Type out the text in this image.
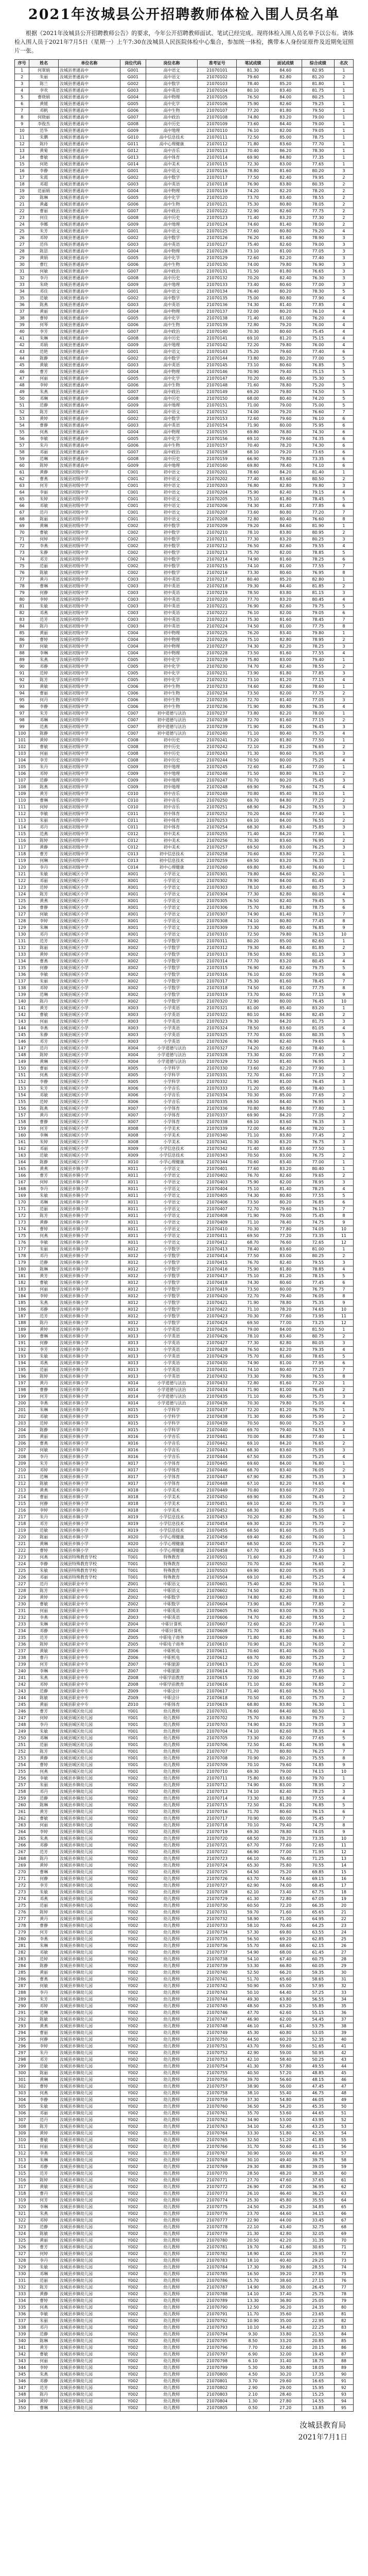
2021年汝城县公开招聘教师体检入围人员名单
根据《2021年汝城县公开招聘教师公告》的要求，今年公开招聘教师面试、笔试已经完成。现将体检入围人员名单予以公布。请体检入围人员于2021年7月5日（星期一）上午7:30在汝城县人民医院体检中心集合，参加统一体检，携带本人身份证原件及近期免冠照片一张。
序号	姓名	单位名称	岗位代码	岗位名称	准考证号	笔试成绩	面试成绩	综合成绩	名次
1	何翠娟	汝城县普通高中	G001	高中语文	21070101	81.30	84.60	82.95	1
2	朱丽	汝城县普通高中	G001	高中语文	21070102	79.60	82.80	81.20	2
3	陈兰	汝城县普通高中	G002	高中数学	21070103	78.40	85.20	81.80	1
4	李欢	汝城县普通高中	G003	高中英语	21070104	80.10	83.40	81.75	1
5	曹晓娟	汝城县普通高中	G004	高中物理	21070105	76.50	84.00	80.25	1
6	黄媛	汝城县普通高中	G005	高中化学	21070106	75.90	82.60	79.25	1
7	邓帆	汝城县普通高中	G006	高中生物	21070107	77.20	81.80	79.50	1
8	何晓丽	汝城县普通高中	G007	高中政治	21070108	74.80	83.20	79.00	1
9	李俊杰	汝城县普通高中	G008	高中历史	21070109	73.60	84.40	79.00	1
10	范华	汝城县普通高中	G009	高中地理	21070110	76.10	82.00	79.05	1
11	朱鹏	汝城县普通高中	G010	高中信息技术	21070111	72.50	85.00	78.75	1
12	陈玲	汝城县普通高中	G011	高中心理健康	21070112	71.80	83.60	77.70	1
13	黄菊	汝城县普通高中	G012	高中音乐	21070113	70.40	86.20	78.30	1
14	曹敏	汝城县普通高中	G013	高中体育	21070114	69.90	84.80	77.35	1
15	何艳	汝城县普通高中	G014	高中美术	21070115	72.30	83.00	77.65	1
16	李静	汝城县普通高中	G001	高中语文	21070116	78.80	81.60	80.20	3
17	朱霞	汝城县普通高中	G002	高中数学	21070117	77.50	82.40	79.95	2
18	邓超	汝城县普通高中	G003	高中英语	21070118	76.90	83.80	80.35	2
19	范丽娟	汝城县普通高中	G004	高中物理	21070119	74.20	82.20	78.20	2
20	陈琳	汝城县普通高中	G005	高中化学	21070120	73.70	83.40	78.55	2
21	黄鑫	汝城县普通高中	G006	高中生物	21070121	75.30	80.80	78.05	2
22	曹丽	汝城县普通高中	G007	高中政治	21070122	72.90	82.60	77.75	2
23	何佳	汝城县普通高中	G008	高中历史	21070123	71.40	83.20	77.30	2
24	李娜	汝城县普通高中	G009	高中地理	21070124	74.60	81.40	78.00	2
25	朱芳	汝城县普通高中	G001	高中语文	21070125	77.60	80.80	79.20	4
26	邓婷	汝城县普通高中	G002	高中数学	21070126	76.20	81.60	78.90	3
27	范伟	汝城县普通高中	G003	高中英语	21070127	75.40	82.60	79.00	3
28	陈思	汝城县普通高中	G004	高中物理	21070128	73.10	81.00	77.05	3
29	黄娟	汝城县普通高中	G005	高中化学	21070129	72.60	82.20	77.40	3
30	曹红	汝城县普通高中	G006	高中生物	21070130	74.00	79.80	76.90	3
31	何敏	汝城县普通高中	G007	高中政治	21070131	71.50	81.80	76.65	3
32	李丹	汝城县普通高中	G008	高中历史	21070132	70.20	82.40	76.30	3
33	朱晓	汝城县普通高中	G009	高中地理	21070133	73.40	80.60	77.00	3
34	邓佳	汝城县普通高中	G001	高中语文	21070134	76.40	80.20	78.30	5
35	范敏	汝城县普通高中	G002	高中数学	21070135	75.00	80.80	77.90	4
36	陈燕	汝城县普通高中	G003	高中英语	21070136	74.30	81.40	77.85	4
37	黄丽	汝城县普通高中	G004	高中物理	21070137	72.00	80.20	76.10	4
38	曹婷	汝城县普通高中	G005	高中化学	21070138	71.40	81.00	76.20	4
39	何琴	汝城县普通高中	G006	高中生物	21070139	72.80	79.20	76.00	4
40	李芳	汝城县普通高中	G007	高中政治	21070140	70.30	80.60	75.45	4
41	朱琳	汝城县普通高中	G008	高中历史	21070141	69.10	81.20	75.15	4
42	邓娟	汝城县普通高中	G009	高中地理	21070142	72.20	79.80	76.00	4
43	范艳	汝城县普通高中	G001	高中语文	21070143	75.20	79.60	77.40	6
44	陈静	汝城县普通高中	G002	高中数学	21070144	73.80	80.20	77.00	5
45	黄敏	汝城县普通高中	G003	高中英语	21070145	73.10	80.60	76.85	5
46	曹芳	汝城县普通高中	G004	高中物理	21070146	70.90	79.40	75.15	5
47	何丽	汝城县普通高中	G005	高中化学	21070147	70.20	80.40	75.30	5
48	李婷	汝城县普通高中	G006	高中生物	21070148	71.60	78.80	75.20	5
49	朱燕	汝城县普通高中	G007	高中政治	21070149	69.20	79.80	74.50	5
50	邓琳	汝城县普通高中	G008	高中历史	21070150	68.00	80.40	74.20	5
51	范静	汝城县普通高中	G009	高中地理	21070151	71.00	79.00	75.00	5
52	陈芳	汝城县普通高中	G001	高中语文	21070152	74.00	79.20	76.60	7
53	黄婷	汝城县普通高中	G002	高中数学	21070153	72.60	79.60	76.10	6
54	曹静	汝城县普通高中	G003	高中英语	21070154	71.90	80.00	75.95	6
55	何燕	汝城县普通高中	G004	高中物理	21070155	69.80	78.80	74.30	6
56	李敏	汝城县普通高中	G005	高中化学	21070156	69.10	79.60	74.35	6
57	朱丹	汝城县普通高中	G006	高中生物	21070157	70.40	78.20	74.30	6
58	邓丽	汝城县普通高中	G007	高中政治	21070158	68.10	79.20	73.65	6
59	范琳	汝城县普通高中	G008	高中历史	21070159	66.90	79.80	73.35	6
60	陈婷	汝城县普通高中	G009	高中地理	21070160	69.80	78.40	74.10	6
61	黄静	汝城县初级中学	C001	初中语文	21070201	78.60	84.20	81.40	1
62	曹燕	汝城县初级中学	C001	初中语文	21070202	77.40	83.60	80.50	2
63	何芳	汝城县初级中学	C001	初中语文	21070203	76.80	82.80	79.80	3
64	李丽	汝城县初级中学	C001	初中语文	21070204	75.90	82.40	79.15	4
65	朱婷	汝城县初级中学	C001	初中语文	21070205	75.10	81.80	78.45	5
66	邓敏	汝城县初级中学	C001	初中语文	21070206	74.30	81.40	77.85	6
67	范丹	汝城县初级中学	C001	初中语文	21070207	73.60	80.80	77.20	7
68	陈丽	汝城县初级中学	C001	初中语文	21070208	72.80	80.40	76.60	8
69	黄琳	汝城县初级中学	C002	初中数学	21070209	79.20	84.60	81.90	1
70	曹敏	汝城县初级中学	C002	初中数学	21070210	78.10	83.80	80.95	2
71	何婷	汝城县初级中学	C002	初中数学	21070211	77.30	83.20	80.25	3
72	李燕	汝城县初级中学	C002	初中数学	21070212	76.50	82.60	79.55	4
73	朱静	汝城县初级中学	C002	初中数学	21070213	75.70	82.00	78.85	5
74	邓芳	汝城县初级中学	C002	初中数学	21070214	74.90	81.60	78.25	6
75	范丽	汝城县初级中学	C002	初中数学	21070215	74.10	81.00	77.55	7
76	陈敏	汝城县初级中学	C002	初中数学	21070216	73.30	80.60	76.95	8
77	黄丹	汝城县初级中学	C003	初中英语	21070217	80.40	85.20	82.80	1
78	曹琳	汝城县初级中学	C003	初中英语	21070218	79.30	84.40	81.85	2
79	何静	汝城县初级中学	C003	初中英语	21070219	78.50	83.80	81.15	3
80	李婷	汝城县初级中学	C003	初中英语	21070220	77.70	83.20	80.45	4
81	朱敏	汝城县初级中学	C003	初中英语	21070221	76.90	82.60	79.75	5
82	邓燕	汝城县初级中学	C003	初中英语	21070222	76.10	82.00	79.05	6
83	范芳	汝城县初级中学	C003	初中英语	21070223	75.30	81.60	78.45	7
84	陈丹	汝城县初级中学	C003	初中英语	21070224	74.50	81.00	77.75	8
85	黄丽	汝城县初级中学	C004	初中物理	21070225	76.20	83.40	79.80	1
86	曹婷	汝城县初级中学	C004	初中物理	21070226	75.10	82.80	78.95	2
87	何敏	汝城县初级中学	C004	初中物理	21070227	74.30	82.20	78.25	3
88	李琳	汝城县初级中学	C004	初中物理	21070228	73.50	81.60	77.55	4
89	朱燕	汝城县初级中学	C005	初中化学	21070229	75.80	83.00	79.40	1
90	邓静	汝城县初级中学	C005	初中化学	21070230	74.70	82.40	78.55	2
91	范婷	汝城县初级中学	C005	初中化学	21070231	73.90	81.80	77.85	3
92	陈芳	汝城县初级中学	C005	初中化学	21070232	73.10	81.20	77.15	4
93	黄敏	汝城县初级中学	C006	初中生物	21070233	74.60	82.60	78.60	1
94	曹丽	汝城县初级中学	C006	初中生物	21070234	73.50	82.00	77.75	2
95	何丹	汝城县初级中学	C006	初中生物	21070235	72.70	81.40	77.05	3
96	李静	汝城县初级中学	C006	初中生物	21070236	71.90	80.80	76.35	4
97	朱芳	汝城县初级中学	C007	初中道德与法治	21070237	73.80	82.20	78.00	1
98	邓琳	汝城县初级中学	C007	初中道德与法治	21070238	72.70	81.60	77.15	2
99	范燕	汝城县初级中学	C007	初中道德与法治	21070239	71.90	81.00	76.45	3
100	陈静	汝城县初级中学	C007	初中道德与法治	21070240	71.10	80.40	75.75	4
101	黄婷	汝城县初级中学	C008	初中历史	21070241	73.20	81.80	77.50	1
102	曹敏	汝城县初级中学	C008	初中历史	21070242	72.10	81.20	76.65	2
103	何丽	汝城县初级中学	C008	初中历史	21070243	71.30	80.60	75.95	3
104	李芳	汝城县初级中学	C008	初中历史	21070244	70.50	80.00	75.25	4
105	朱丹	汝城县初级中学	C009	初中地理	21070245	72.60	81.40	77.00	1
106	邓婷	汝城县初级中学	C009	初中地理	21070246	71.50	80.80	76.15	2
107	范静	汝城县初级中学	C009	初中地理	21070247	70.70	80.20	75.45	3
108	陈燕	汝城县初级中学	C009	初中地理	21070248	69.90	79.60	74.75	4
109	黄芳	汝城县初级中学	C010	初中音乐	21070249	70.80	85.40	78.10	1
110	曹琳	汝城县初级中学	C010	初中音乐	21070250	69.70	84.80	77.25	2
111	何婷	汝城县初级中学	C010	初中音乐	21070251	68.90	84.20	76.55	3
112	李敏	汝城县初级中学	C011	初中体育	21070252	70.20	84.60	77.40	1
113	朱丽	汝城县初级中学	C011	初中体育	21070253	69.10	84.00	76.55	2
114	邓丹	汝城县初级中学	C011	初中体育	21070254	68.30	83.40	75.85	3
115	范燕	汝城县初级中学	C012	初中美术	21070255	71.40	84.20	77.80	1
116	陈婷	汝城县初级中学	C012	初中美术	21070256	70.30	83.60	76.95	2
117	黄静	汝城县初级中学	C012	初中美术	21070257	69.50	83.00	76.25	3
118	曹芳	汝城县初级中学	C013	初中信息技术	21070258	70.60	83.80	77.20	1
119	何琳	汝城县初级中学	C013	初中信息技术	21070259	69.50	83.20	76.35	2
120	李丹	汝城县初级中学	C014	初中心理健康	21070260	69.80	83.40	76.60	1
121	朱敏	汝城县城区小学	X001	小学语文	21070301	79.80	84.60	82.20	1
122	邓丽	汝城县城区小学	X001	小学语文	21070302	78.90	84.00	81.45	2
123	范婷	汝城县城区小学	X001	小学语文	21070303	78.10	83.40	80.75	3
124	陈芳	汝城县城区小学	X001	小学语文	21070304	77.30	82.80	80.05	4
125	黄燕	汝城县城区小学	X001	小学语文	21070305	76.50	82.40	79.45	5
126	曹静	汝城县城区小学	X001	小学语文	21070306	75.70	81.80	78.75	6
127	何敏	汝城县城区小学	X001	小学语文	21070307	74.90	81.40	78.15	7
128	李婷	汝城县城区小学	X001	小学语文	21070308	74.10	80.80	77.45	8
129	朱琳	汝城县城区小学	X001	小学语文	21070309	73.30	80.40	76.85	9
130	邓丹	汝城县城区小学	X001	小学语文	21070310	72.50	79.80	76.15	10
131	范芳	汝城县城区小学	X002	小学数学	21070311	80.20	85.00	82.60	1
132	陈丽	汝城县城区小学	X002	小学数学	21070312	79.30	84.40	81.85	2
133	黄婷	汝城县城区小学	X002	小学数学	21070313	78.50	83.80	81.15	3
134	曹燕	汝城县城区小学	X002	小学数学	21070314	77.70	83.20	80.45	4
135	何静	汝城县城区小学	X002	小学数学	21070315	76.90	82.60	79.75	5
136	李敏	汝城县城区小学	X002	小学数学	21070316	76.10	82.00	79.05	6
137	朱丽	汝城县城区小学	X002	小学数学	21070317	75.30	81.60	78.45	7
138	邓婷	汝城县城区小学	X002	小学数学	21070318	74.50	81.00	77.75	8
139	范琳	汝城县城区小学	X002	小学数学	21070319	73.70	80.60	77.15	9
140	陈丹	汝城县城区小学	X002	小学数学	21070320	72.90	80.00	76.45	10
141	黄芳	汝城县城区小学	X003	小学英语	21070321	81.00	85.40	83.20	1
142	曹敏	汝城县城区小学	X003	小学英语	21070322	80.10	84.80	82.45	2
143	何丽	汝城县城区小学	X003	小学英语	21070323	79.30	84.20	81.75	3
144	李燕	汝城县城区小学	X003	小学英语	21070324	78.50	83.60	81.05	4
145	朱静	汝城县城区小学	X003	小学英语	21070325	77.70	83.00	80.35	5
146	邓芳	汝城县城区小学	X003	小学英语	21070326	76.90	82.40	79.65	6
147	范丹	汝城县城区小学	X004	小学道德与法治	21070327	74.20	82.60	78.40	1
148	陈婷	汝城县城区小学	X004	小学道德与法治	21070328	73.30	82.00	77.65	2
149	黄琳	汝城县城区小学	X004	小学道德与法治	21070329	72.50	81.40	76.95	3
150	曹丽	汝城县城区小学	X005	小学科学	21070330	73.60	82.20	77.90	1
151	何燕	汝城县城区小学	X005	小学科学	21070331	72.70	81.60	77.15	2
152	李静	汝城县城区小学	X005	小学科学	21070332	71.90	81.00	76.45	3
153	朱芳	汝城县城区小学	X006	小学音乐	21070333	71.20	85.60	78.40	1
154	邓敏	汝城县城区小学	X006	小学音乐	21070334	70.30	85.00	77.65	2
155	范婷	汝城县城区小学	X006	小学音乐	21070335	69.50	84.40	76.95	3
156	陈燕	汝城县城区小学	X007	小学体育	21070336	70.80	84.80	77.80	1
157	黄丹	汝城县城区小学	X007	小学体育	21070337	69.90	84.20	77.05	2
158	曹静	汝城县城区小学	X007	小学体育	21070338	69.10	83.60	76.35	3
159	何芳	汝城县城区小学	X008	小学美术	21070339	72.00	84.40	78.20	1
160	李琳	汝城县城区小学	X008	小学美术	21070340	71.10	83.80	77.45	2
161	朱婷	汝城县城区小学	X008	小学美术	21070341	70.30	83.20	76.75	3
162	邓丽	汝城县城区小学	X009	小学信息技术	21070342	71.40	83.60	77.50	1
163	范敏	汝城县城区小学	X009	小学信息技术	21070343	70.50	83.00	76.75	2
164	陈静	汝城县城区小学	X010	小学心理健康	21070344	70.60	83.40	77.00	1
165	黄燕	汝城县乡镇小学	X011	小学语文	21070401	77.60	83.20	80.40	1
166	曹芳	汝城县乡镇小学	X011	小学语文	21070402	76.70	82.60	79.65	2
167	何婷	汝城县乡镇小学	X011	小学语文	21070403	75.90	82.00	78.95	3
168	李丹	汝城县乡镇小学	X011	小学语文	21070404	75.10	81.40	78.25	4
169	朱敏	汝城县乡镇小学	X011	小学语文	21070405	74.30	80.80	77.55	5
170	邓琳	汝城县乡镇小学	X011	小学语文	21070406	73.50	80.20	76.85	6
171	范丽	汝城县乡镇小学	X011	小学语文	21070407	72.70	79.60	76.15	7
172	陈芳	汝城县乡镇小学	X011	小学语文	21070408	71.90	79.00	75.45	8
173	黄静	汝城县乡镇小学	X011	小学语文	21070409	71.10	78.40	74.75	9
174	曹婷	汝城县乡镇小学	X011	小学语文	21070410	70.30	77.80	74.05	10
175	何燕	汝城县乡镇小学	X011	小学语文	21070411	69.50	77.20	73.35	11
176	李敏	汝城县乡镇小学	X011	小学语文	21070412	68.70	76.60	72.65	12
177	朱丽	汝城县乡镇小学	X012	小学数学	21070413	78.40	83.60	81.00	1
178	邓丹	汝城县乡镇小学	X012	小学数学	21070414	77.50	83.00	80.25	2
179	范静	汝城县乡镇小学	X012	小学数学	21070415	76.70	82.40	79.55	3
180	陈琳	汝城县乡镇小学	X012	小学数学	21070416	75.90	81.80	78.85	4
181	黄芳	汝城县乡镇小学	X012	小学数学	21070417	75.10	81.20	78.15	5
182	曹敏	汝城县乡镇小学	X012	小学数学	21070418	74.30	80.60	77.45	6
183	何丽	汝城县乡镇小学	X012	小学数学	21070419	73.50	80.00	76.75	7
184	李婷	汝城县乡镇小学	X012	小学数学	21070420	72.70	79.40	76.05	8
185	朱燕	汝城县乡镇小学	X012	小学数学	21070421	71.90	78.80	75.35	9
186	邓静	汝城县乡镇小学	X012	小学数学	21070422	71.10	78.20	74.65	10
187	范芳	汝城县乡镇小学	X012	小学数学	21070423	70.30	77.60	73.95	11
188	陈丹	汝城县乡镇小学	X012	小学数学	21070424	69.50	77.00	73.25	12
189	黄婷	汝城县乡镇小学	X013	小学英语	21070425	79.00	84.00	81.50	1
190	曹琳	汝城县乡镇小学	X013	小学英语	21070426	78.10	83.40	80.75	2
191	何静	汝城县乡镇小学	X013	小学英语	21070427	77.30	82.80	80.05	3
192	李芳	汝城县乡镇小学	X013	小学英语	21070428	76.50	82.20	79.35	4
193	朱敏	汝城县乡镇小学	X013	小学英语	21070429	75.70	81.60	78.65	5
194	邓燕	汝城县乡镇小学	X013	小学英语	21070430	74.90	81.00	77.95	6
195	范丽	汝城县乡镇小学	X013	小学英语	21070431	74.10	80.40	77.25	7
196	陈婷	汝城县乡镇小学	X013	小学英语	21070432	73.30	79.80	76.55	8
197	黄丹	汝城县乡镇小学	X014	小学道德与法治	21070433	72.80	81.60	77.20	1
198	曹静	汝城县乡镇小学	X014	小学道德与法治	21070434	71.90	81.00	76.45	2
199	何芳	汝城县乡镇小学	X014	小学道德与法治	21070435	71.10	80.40	75.75	3
200	李燕	汝城县乡镇小学	X014	小学道德与法治	21070436	70.30	79.80	75.05	4
201	朱琳	汝城县乡镇小学	X015	小学科学	21070437	72.20	81.20	76.70	1
202	邓敏	汝城县乡镇小学	X015	小学科学	21070438	71.30	80.60	75.95	2
203	范婷	汝城县乡镇小学	X015	小学科学	21070439	70.50	80.00	75.25	3
204	陈静	汝城县乡镇小学	X015	小学科学	21070440	69.70	79.40	74.55	4
205	黄丽	汝城县乡镇小学	X016	小学音乐	21070441	70.00	84.80	77.40	1
206	曹燕	汝城县乡镇小学	X016	小学音乐	21070442	69.10	84.20	76.65	2
207	何敏	汝城县乡镇小学	X016	小学音乐	21070443	68.30	83.60	75.95	3
208	李丹	汝城县乡镇小学	X016	小学音乐	21070444	67.50	83.00	75.25	4
209	朱芳	汝城县乡镇小学	X017	小学体育	21070445	69.60	84.00	76.80	1
210	邓婷	汝城县乡镇小学	X017	小学体育	21070446	68.70	83.40	76.05	2
211	范琳	汝城县乡镇小学	X017	小学体育	21070447	67.90	82.80	75.35	3
212	陈敏	汝城县乡镇小学	X017	小学体育	21070448	67.10	82.20	74.65	4
213	黄燕	汝城县乡镇小学	X018	小学美术	21070449	70.80	83.60	77.20	1
214	曹丽	汝城县乡镇小学	X018	小学美术	21070450	69.90	83.00	76.45	2
215	何静	汝城县乡镇小学	X018	小学美术	21070451	69.10	82.40	75.75	3
216	李婷	汝城县乡镇小学	X018	小学美术	21070452	68.30	81.80	75.05	4
217	朱丹	汝城县乡镇小学	X019	小学信息技术	21070453	70.20	82.80	76.50	1
218	邓芳	汝城县乡镇小学	X019	小学信息技术	21070454	69.30	82.20	75.75	2
219	范敏	汝城县乡镇小学	X019	小学信息技术	21070455	68.50	81.60	75.05	3
220	陈丽	汝城县乡镇小学	X020	小学心理健康	21070456	69.40	82.60	76.00	1
221	黄琳	汝城县乡镇小学	X020	小学心理健康	21070457	68.50	82.00	75.25	2
222	曹婷	汝城县乡镇小学	X020	小学心理健康	21070458	67.70	81.40	74.55	3
223	何燕	汝城县特殊教育学校	T001	特殊教育	21070501	71.60	83.20	77.40	1
224	李静	汝城县特殊教育学校	T001	特殊教育	21070502	70.70	82.60	76.65	2
225	朱敏	汝城县特殊教育学校	T001	特殊教育	21070503	69.90	82.00	75.95	3
226	邓丽	汝城县特殊教育学校	T001	特殊教育	21070504	69.10	81.40	75.25	4
227	范丹	汝城县职业中专	Z001	中职语文	21070601	75.40	82.80	79.10	1
228	陈芳	汝城县职业中专	Z001	中职语文	21070602	74.50	82.20	78.35	2
229	黄婷	汝城县职业中专	Z002	中职数学	21070603	74.80	82.40	78.60	1
230	曹敏	汝城县职业中专	Z002	中职数学	21070604	73.90	81.80	77.85	2
231	何丽	汝城县职业中专	Z003	中职英语	21070605	75.60	83.00	79.30	1
232	李燕	汝城县职业中专	Z003	中职英语	21070606	74.70	82.40	78.55	2
233	朱琳	汝城县职业中专	Z004	中职计算机	21070607	72.60	82.20	77.40	1
234	邓静	汝城县职业中专	Z004	中职计算机	21070608	71.70	81.60	76.65	2
235	范芳	汝城县职业中专	Z005	中职电子商务	21070609	71.80	81.80	76.80	1
236	陈婷	汝城县职业中专	Z005	中职电子商务	21070610	70.90	81.20	76.05	2
237	黄敏	汝城县职业中专	Z006	中职机电	21070611	70.60	81.40	76.00	1
238	曹丹	汝城县职业中专	Z006	中职机电	21070612	69.70	80.80	75.25	2
239	何芳	汝城县职业中专	Z007	中职旅游	21070613	71.20	82.00	76.60	1
240	李琳	汝城县职业中专	Z007	中职旅游	21070614	70.30	81.40	75.85	2
241	朱燕	汝城县职业中专	Z008	中职学前教育	21070615	72.00	83.20	77.60	1
242	邓婷	汝城县职业中专	Z008	中职学前教育	21070616	71.10	82.60	76.85	2
243	范静	汝城县职业中专	Z009	中职会计	21070617	71.40	81.60	76.50	1
244	陈敏	汝城县职业中专	Z009	中职会计	21070618	70.50	81.00	75.75	2
245	黄丽	汝城县职业中专	Z010	中职体育	21070619	68.80	83.80	76.30	1
246	曹芳	汝城县城区幼儿园	Y001	幼儿教师	21070701	76.60	84.40	80.50	1
247	何婷	汝城县城区幼儿园	Y001	幼儿教师	21070702	75.70	83.80	79.75	2
248	李丹	汝城县城区幼儿园	Y001	幼儿教师	21070703	74.90	83.20	79.05	3
249	朱敏	汝城县城区幼儿园	Y001	幼儿教师	21070704	74.10	82.60	78.35	4
250	邓琳	汝城县城区幼儿园	Y001	幼儿教师	21070705	73.30	82.00	77.65	5
251	范丽	汝城县城区幼儿园	Y001	幼儿教师	21070706	72.50	81.40	76.95	6
252	陈芳	汝城县城区幼儿园	Y001	幼儿教师	21070707	71.70	80.80	76.25	7
253	黄静	汝城县城区幼儿园	Y001	幼儿教师	21070708	70.90	80.20	75.55	8
254	曹婷	汝城县城区幼儿园	Y001	幼儿教师	21070709	70.10	79.60	74.85	9
255	何燕	汝城县城区幼儿园	Y001	幼儿教师	21070710	69.30	79.00	74.15	10
256	李敏	汝城县乡镇幼儿园	Y002	幼儿教师	21070711	75.80	83.60	79.70	1
257	朱丽	汝城县乡镇幼儿园	Y002	幼儿教师	21070712	74.90	83.00	78.95	2
258	邓丹	汝城县乡镇幼儿园	Y002	幼儿教师	21070713	74.10	82.40	78.25	3
259	范静	汝城县乡镇幼儿园	Y002	幼儿教师	21070714	73.30	81.80	77.55	4
260	陈琳	汝城县乡镇幼儿园	Y002	幼儿教师	21070715	72.50	81.20	76.85	5
261	黄芳	汝城县乡镇幼儿园	Y002	幼儿教师	21070716	71.70	80.60	76.15	6
262	曹敏	汝城县乡镇幼儿园	Y002	幼儿教师	21070717	70.90	80.00	75.45	7
263	何丽	汝城县乡镇幼儿园	Y002	幼儿教师	21070718	70.10	79.40	74.75	8
264	李婷	汝城县乡镇幼儿园	Y002	幼儿教师	21070719	69.30	78.80	74.05	9
265	朱燕	汝城县乡镇幼儿园	Y002	幼儿教师	21070720	68.50	78.20	73.35	10
266	邓静	汝城县乡镇幼儿园	Y002	幼儿教师	21070721	67.70	77.60	72.65	11
267	范芳	汝城县乡镇幼儿园	Y002	幼儿教师	21070722	66.90	77.00	71.95	12
268	陈丹	汝城县乡镇幼儿园	Y002	幼儿教师	21070723	66.10	76.40	71.25	13
269	黄婷	汝城县乡镇幼儿园	Y002	幼儿教师	21070724	65.30	75.80	70.55	14
270	曹琳	汝城县乡镇幼儿园	Y002	幼儿教师	21070725	64.50	75.20	69.85	15
271	何静	汝城县乡镇幼儿园	Y002	幼儿教师	21070726	63.70	74.60	69.15	16
272	李芳	汝城县乡镇幼儿园	Y002	幼儿教师	21070727	62.90	74.00	68.45	17
273	朱敏	汝城县乡镇幼儿园	Y002	幼儿教师	21070728	62.10	73.40	67.75	18
274	邓燕	汝城县乡镇幼儿园	Y002	幼儿教师	21070729	61.30	72.80	67.05	19
275	范丽	汝城县乡镇幼儿园	Y002	幼儿教师	21070730	60.50	72.20	66.35	20
276	陈婷	汝城县乡镇幼儿园	Y002	幼儿教师	21070731	59.70	71.60	65.65	21
277	黄丹	汝城县乡镇幼儿园	Y002	幼儿教师	21070732	58.90	71.00	64.95	22
278	曹静	汝城县乡镇幼儿园	Y002	幼儿教师	21070733	58.10	70.40	64.25	23
279	何芳	汝城县乡镇幼儿园	Y002	幼儿教师	21070734	57.30	69.80	63.55	24
280	李燕	汝城县乡镇幼儿园	Y002	幼儿教师	21070735	56.50	69.20	62.85	25
281	朱琳	汝城县乡镇幼儿园	Y002	幼儿教师	21070736	55.70	68.60	62.15	26
282	邓敏	汝城县乡镇幼儿园	Y002	幼儿教师	21070737	54.90	68.00	61.45	27
283	范婷	汝城县乡镇幼儿园	Y002	幼儿教师	21070738	54.10	67.40	60.75	28
284	陈静	汝城县乡镇幼儿园	Y002	幼儿教师	21070739	53.30	66.80	60.05	29
285	黄丽	汝城县乡镇幼儿园	Y002	幼儿教师	21070740	52.50	66.20	59.35	30
286	曹燕	汝城县乡镇幼儿园	Y002	幼儿教师	21070741	51.70	65.60	58.65	31
287	何敏	汝城县乡镇幼儿园	Y002	幼儿教师	21070742	50.90	65.00	57.95	32
288	李丹	汝城县乡镇幼儿园	Y002	幼儿教师	21070743	50.10	64.40	57.25	33
289	朱芳	汝城县乡镇幼儿园	Y002	幼儿教师	21070744	49.30	63.80	56.55	34
290	邓婷	汝城县乡镇幼儿园	Y002	幼儿教师	21070745	48.50	63.20	55.85	35
291	范琳	汝城县乡镇幼儿园	Y002	幼儿教师	21070746	47.70	62.60	55.15	36
292	陈敏	汝城县乡镇幼儿园	Y002	幼儿教师	21070747	46.90	62.00	54.45	37
293	黄燕	汝城县乡镇幼儿园	Y002	幼儿教师	21070748	46.10	61.40	53.75	38
294	曹丽	汝城县乡镇幼儿园	Y002	幼儿教师	21070749	45.30	60.80	53.05	39
295	何静	汝城县乡镇幼儿园	Y002	幼儿教师	21070750	44.50	60.20	52.35	40
296	李婷	汝城县乡镇幼儿园	Y002	幼儿教师	21070751	43.70	59.60	51.65	41
297	朱丹	汝城县乡镇幼儿园	Y002	幼儿教师	21070752	42.90	59.00	50.95	42
298	邓芳	汝城县乡镇幼儿园	Y002	幼儿教师	21070753	42.10	58.40	50.25	43
299	范敏	汝城县乡镇幼儿园	Y002	幼儿教师	21070754	41.30	57.80	49.55	44
300	陈丽	汝城县乡镇幼儿园	Y002	幼儿教师	21070755	40.50	57.20	48.85	45
301	黄琳	汝城县乡镇幼儿园	Y002	幼儿教师	21070756	39.70	56.60	48.15	46
302	曹婷	汝城县乡镇幼儿园	Y002	幼儿教师	21070757	38.90	56.00	47.45	47
303	何燕	汝城县乡镇幼儿园	Y002	幼儿教师	21070758	38.10	55.40	46.75	48
304	李静	汝城县乡镇幼儿园	Y002	幼儿教师	21070759	37.30	54.80	46.05	49
305	朱敏	汝城县乡镇幼儿园	Y002	幼儿教师	21070760	36.50	54.20	45.35	50
306	邓丽	汝城县乡镇幼儿园	Y002	幼儿教师	21070761	35.70	53.60	44.65	51
307	范丹	汝城县乡镇幼儿园	Y002	幼儿教师	21070762	34.90	53.00	43.95	52
308	陈芳	汝城县乡镇幼儿园	Y002	幼儿教师	21070763	34.10	52.40	43.25	53
309	黄婷	汝城县乡镇幼儿园	Y002	幼儿教师	21070764	33.30	51.80	42.55	54
310	曹敏	汝城县乡镇幼儿园	Y002	幼儿教师	21070765	32.50	51.20	41.85	55
311	何丽	汝城县乡镇幼儿园	Y002	幼儿教师	21070766	31.70	50.60	41.15	56
312	李燕	汝城县乡镇幼儿园	Y002	幼儿教师	21070767	30.90	50.00	40.45	57
313	朱琳	汝城县乡镇幼儿园	Y002	幼儿教师	21070768	30.10	49.40	39.75	58
314	邓静	汝城县乡镇幼儿园	Y002	幼儿教师	21070769	29.30	48.80	39.05	59
315	范芳	汝城县乡镇幼儿园	Y002	幼儿教师	21070770	28.50	48.20	38.35	60
316	陈婷	汝城县乡镇幼儿园	Y002	幼儿教师	21070771	27.70	47.60	37.65	61
317	黄敏	汝城县乡镇幼儿园	Y002	幼儿教师	21070772	26.90	47.00	36.95	62
318	曹丹	汝城县乡镇幼儿园	Y002	幼儿教师	21070773	26.10	46.40	36.25	63
319	何芳	汝城县乡镇幼儿园	Y002	幼儿教师	21070774	25.30	45.80	35.55	64
320	李琳	汝城县乡镇幼儿园	Y002	幼儿教师	21070775	24.50	45.20	34.85	65
321	朱燕	汝城县乡镇幼儿园	Y002	幼儿教师	21070776	23.70	44.60	34.15	66
322	邓婷	汝城县乡镇幼儿园	Y002	幼儿教师	21070777	22.90	44.00	33.45	67
323	范静	汝城县乡镇幼儿园	Y002	幼儿教师	21070778	22.10	43.40	32.75	68
324	陈敏	汝城县乡镇幼儿园	Y002	幼儿教师	21070779	21.30	42.80	32.05	69
325	黄丽	汝城县乡镇幼儿园	Y002	幼儿教师	21070780	20.50	42.20	31.35	70
326	曹芳	汝城县乡镇幼儿园	Y002	幼儿教师	21070781	19.70	41.60	30.65	71
327	何婷	汝城县乡镇幼儿园	Y002	幼儿教师	21070782	18.90	41.00	29.95	72
328	李丹	汝城县乡镇幼儿园	Y002	幼儿教师	21070783	18.10	40.40	29.25	73
329	朱敏	汝城县乡镇幼儿园	Y002	幼儿教师	21070784	17.30	39.80	28.55	74
330	邓琳	汝城县乡镇幼儿园	Y002	幼儿教师	21070785	16.50	39.20	27.85	75
331	范丽	汝城县乡镇幼儿园	Y002	幼儿教师	21070786	15.70	38.60	27.15	76
332	陈芳	汝城县乡镇幼儿园	Y002	幼儿教师	21070787	14.90	38.00	26.45	77
333	黄静	汝城县乡镇幼儿园	Y002	幼儿教师	21070788	14.10	37.40	25.75	78
334	曹婷	汝城县乡镇幼儿园	Y002	幼儿教师	21070789	13.30	36.80	25.05	79
335	何燕	汝城县乡镇幼儿园	Y002	幼儿教师	21070790	12.50	36.20	24.35	80
336	李敏	汝城县乡镇幼儿园	Y002	幼儿教师	21070791	11.70	35.60	23.65	81
337	朱丽	汝城县乡镇幼儿园	Y002	幼儿教师	21070792	10.90	35.00	22.95	82
338	邓丹	汝城县乡镇幼儿园	Y002	幼儿教师	21070793	10.10	34.40	22.25	83
339	范静	汝城县乡镇幼儿园	Y002	幼儿教师	21070794	9.30	33.80	21.55	84
340	陈琳	汝城县乡镇幼儿园	Y002	幼儿教师	21070795	8.50	33.20	20.85	85
341	黄芳	汝城县乡镇幼儿园	Y002	幼儿教师	21070796	7.70	32.60	20.15	86
342	曹敏	汝城县乡镇幼儿园	Y002	幼儿教师	21070797	6.90	32.00	19.45	87
343	何丽	汝城县乡镇幼儿园	Y002	幼儿教师	21070798	6.10	31.40	18.75	88
344	李婷	汝城县乡镇幼儿园	Y002	幼儿教师	21070799	5.30	30.80	18.05	89
345	朱燕	汝城县乡镇幼儿园	Y002	幼儿教师	21070800	4.50	30.20	17.35	90
346	邓静	汝城县乡镇幼儿园	Y002	幼儿教师	21070801	3.70	29.60	16.65	91
347	范芳	汝城县乡镇幼儿园	Y002	幼儿教师	21070802	2.90	29.00	15.95	92
348	陈丹	汝城县乡镇幼儿园	Y002	幼儿教师	21070803	2.10	28.40	15.25	93
349	黄婷	汝城县乡镇幼儿园	Y002	幼儿教师	21070804	1.30	27.80	14.55	94
350	曹琳	汝城县乡镇幼儿园	Y002	幼儿教师	21070805	0.50	27.20	13.85	95
汝城县教育局
2021年7月1日
